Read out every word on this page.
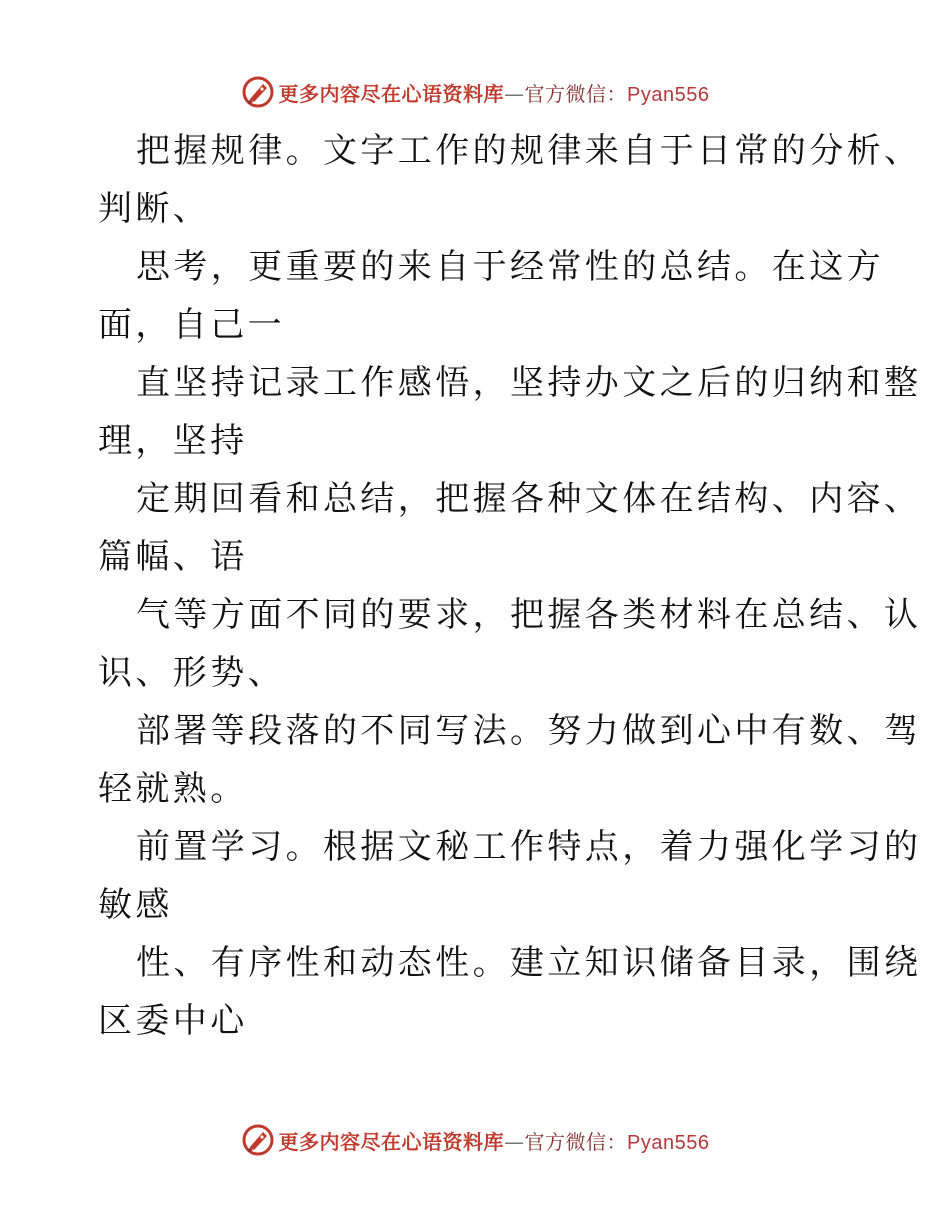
更多内容尽在心语资料库—官方微信：Pyan556
把握规律。文字工作的规律来自于日常的分析、
判断、
思考，更重要的来自于经常性的总结。在这方
面，自己一
直坚持记录工作感悟，坚持办文之后的归纳和整
理，坚持
定期回看和总结，把握各种文体在结构、内容、
篇幅、语
气等方面不同的要求，把握各类材料在总结、认
识、形势、
部署等段落的不同写法。努力做到心中有数、驾
轻就熟。
前置学习。根据文秘工作特点，着力强化学习的
敏感
性、有序性和动态性。建立知识储备目录，围绕
区委中心
更多内容尽在心语资料库—官方微信：Pyan556
